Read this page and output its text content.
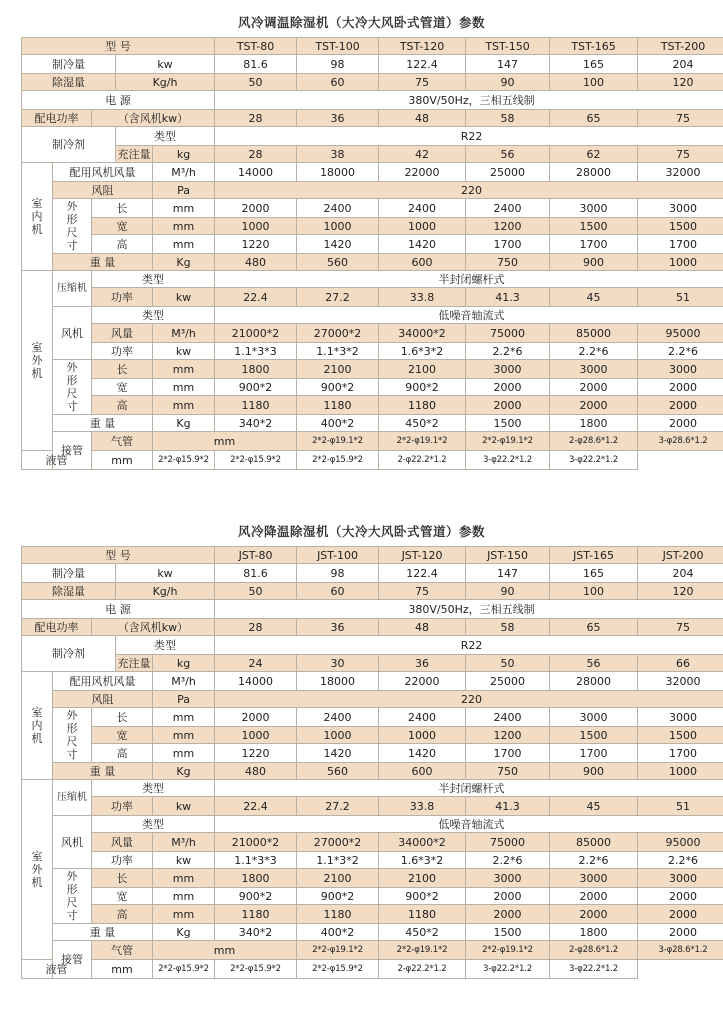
风冷调温除湿机（大冷大风卧式管道）参数
型 号	TST-80	TST-100	TST-120	TST-150	TST-165	TST-200
制冷量	kw	81.6	98	122.4	147	165	204
除湿量	Kg/h	50	60	75	90	100	120
电 源	380V/50Hz，三相五线制
配电功率	（含风机kw）	28	36	48	58	65	75
制冷剂	类型	R22
充注量	kg	28	38	42	56	62	75

室
内
机
	配用风机风量	M³/h	14000	18000	22000	25000	28000	32000
风阻	Pa	220

外
形
尺
寸
	长	mm	2000	2400	2400	2400	3000	3000
宽	mm	1000	1000	1000	1200	1500	1500
高	mm	1220	1420	1420	1700	1700	1700
重 量	Kg	480	560	600	750	900	1000

室
外
机
	压缩机	类型	半封闭螺杆式
功率	kw	22.4	27.2	33.8	41.3	45	51
风机	类型	低噪音轴流式
风量	M³/h	21000*2	27000*2	34000*2	75000	85000	95000
功率	kw	1.1*3*3	1.1*3*2	1.6*3*2	2.2*6	2.2*6	2.2*6

外
形
尺
寸
	长	mm	1800	2100	2100	3000	3000	3000
宽	mm	900*2	900*2	900*2	2000	2000	2000
高	mm	1180	1180	1180	2000	2000	2000
重 量	Kg	340*2	400*2	450*2	1500	1800	2000
接管	气管	mm	2*2-φ19.1*2	2*2-φ19.1*2	2*2-φ19.1*2	2-φ28.6*1.2	3-φ28.6*1.2	
液管	mm	2*2-φ15.9*2	2*2-φ15.9*2	2*2-φ15.9*2	2-φ22.2*1.2	3-φ22.2*1.2	3-φ22.2*1.2
风冷降温除湿机（大冷大风卧式管道）参数
型 号	JST-80	JST-100	JST-120	JST-150	JST-165	JST-200
制冷量	kw	81.6	98	122.4	147	165	204
除湿量	Kg/h	50	60	75	90	100	120
电 源	380V/50Hz，三相五线制
配电功率	（含风机kw）	28	36	48	58	65	75
制冷剂	类型	R22
充注量	kg	24	30	36	50	56	66

室
内
机
	配用风机风量	M³/h	14000	18000	22000	25000	28000	32000
风阻	Pa	220

外
形
尺
寸
	长	mm	2000	2400	2400	2400	3000	3000
宽	mm	1000	1000	1000	1200	1500	1500
高	mm	1220	1420	1420	1700	1700	1700
重 量	Kg	480	560	600	750	900	1000

室
外
机
	压缩机	类型	半封闭螺杆式
功率	kw	22.4	27.2	33.8	41.3	45	51
风机	类型	低噪音轴流式
风量	M³/h	21000*2	27000*2	34000*2	75000	85000	95000
功率	kw	1.1*3*3	1.1*3*2	1.6*3*2	2.2*6	2.2*6	2.2*6

外
形
尺
寸
	长	mm	1800	2100	2100	3000	3000	3000
宽	mm	900*2	900*2	900*2	2000	2000	2000
高	mm	1180	1180	1180	2000	2000	2000
重 量	Kg	340*2	400*2	450*2	1500	1800	2000
接管	气管	mm	2*2-φ19.1*2	2*2-φ19.1*2	2*2-φ19.1*2	2-φ28.6*1.2	3-φ28.6*1.2	
液管	mm	2*2-φ15.9*2	2*2-φ15.9*2	2*2-φ15.9*2	2-φ22.2*1.2	3-φ22.2*1.2	3-φ22.2*1.2
